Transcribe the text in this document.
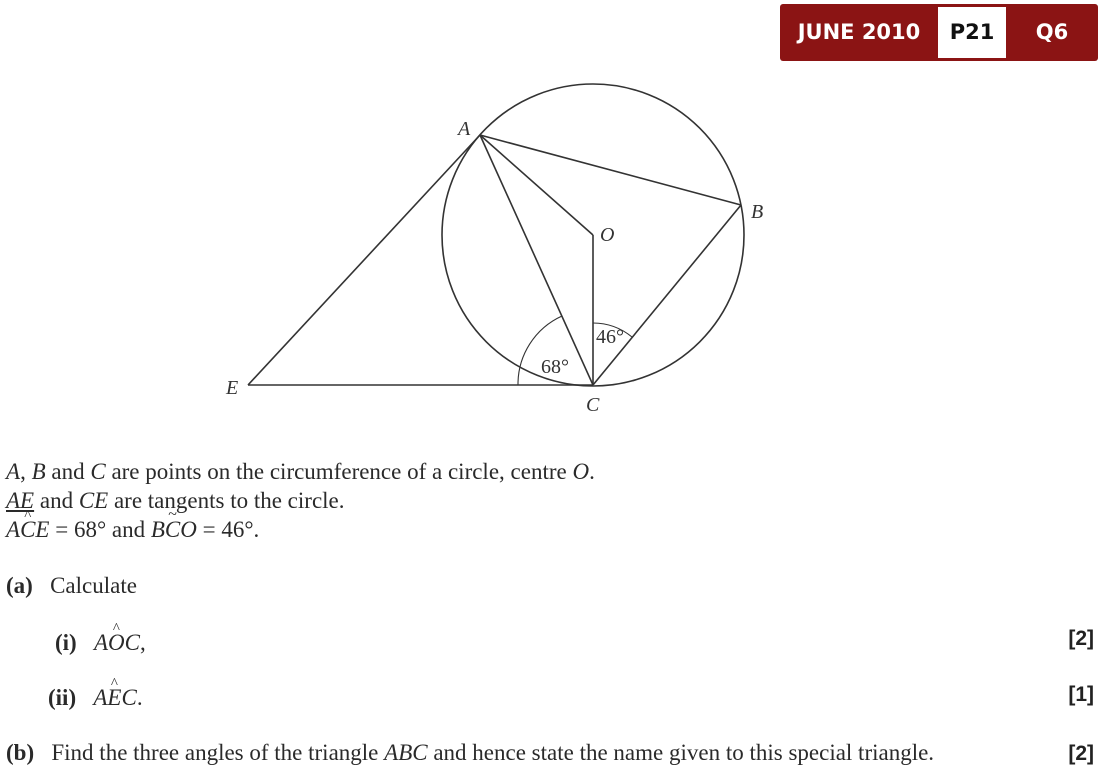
JUNE 2010	P21	Q6
A
B
C
E
O
68°
46°
A, B and C are points on the circumference of a circle, centre O.
AE and CE are tangents to the circle.
A^ CE = 68° and B~ CO = 46°.
(a) Calculate
(i) A^ OC,	[2]
(ii) A^ EC.	[1]
(b) Find the three angles of the triangle ABC and hence state the name given to this special triangle.	[2]
